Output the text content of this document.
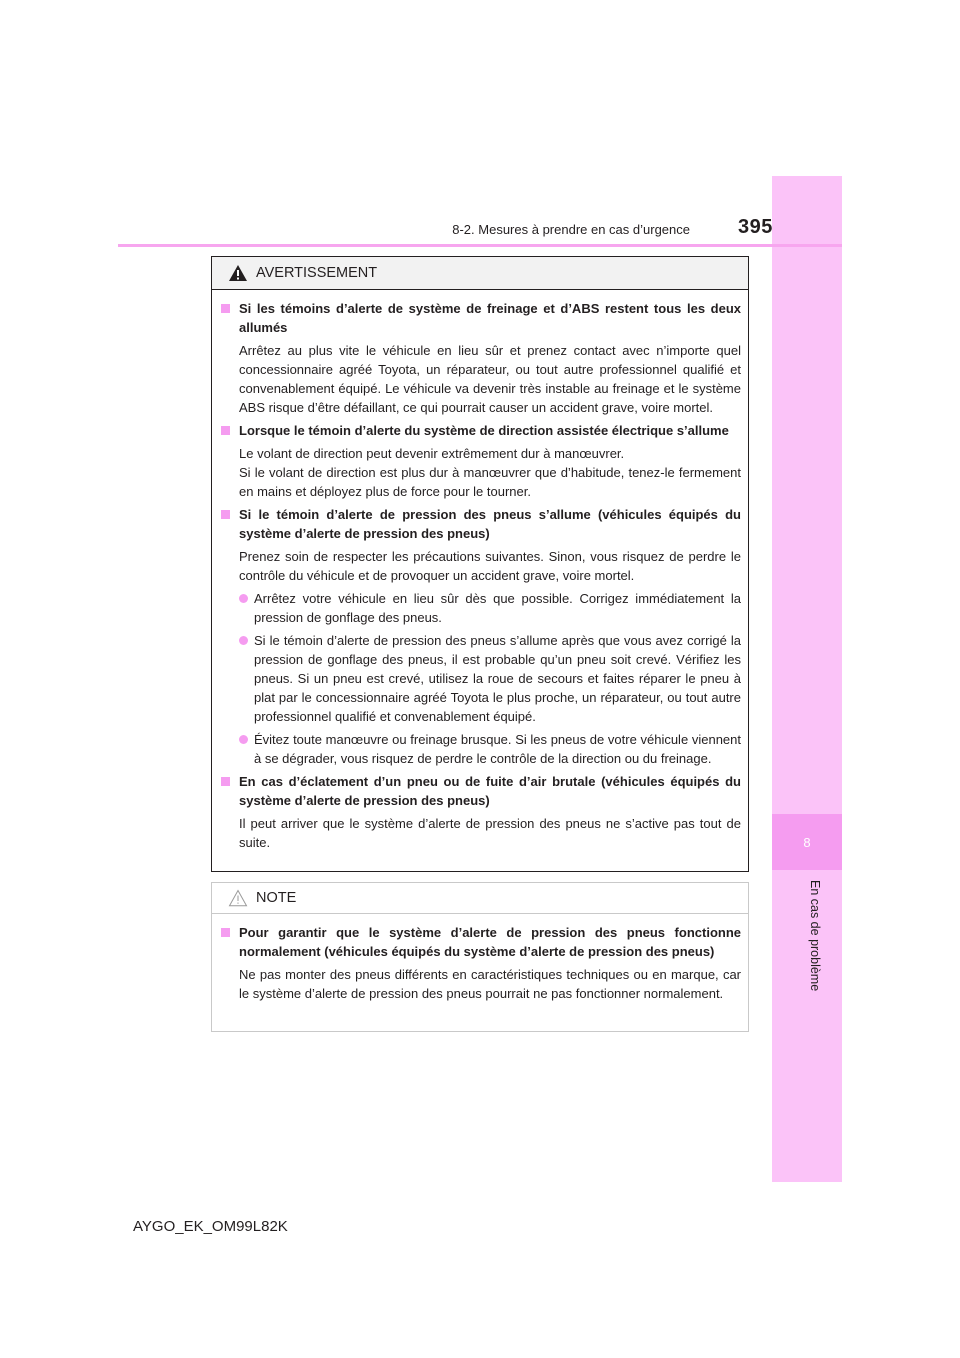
8
En cas de problème
8-2. Mesures à prendre en cas d’urgence 395
AVERTISSEMENT
Si les témoins d’alerte de système de freinage et d’ABS restent tous les deux allumés
Arrêtez au plus vite le véhicule en lieu sûr et prenez contact avec n’importe quel concessionnaire agréé Toyota, un réparateur, ou tout autre professionnel qualifié et convenablement équipé. Le véhicule va devenir très instable au freinage et le système ABS risque d’être défaillant, ce qui pourrait causer un accident grave, voire mortel.
Lorsque le témoin d’alerte du système de direction assistée électrique s’allume
Le volant de direction peut devenir extrêmement dur à manœuvrer.
Si le volant de direction est plus dur à manœuvrer que d’habitude, tenez-le fermement en mains et déployez plus de force pour le tourner.
Si le témoin d’alerte de pression des pneus s’allume (véhicules équipés du système d’alerte de pression des pneus)
Prenez soin de respecter les précautions suivantes. Sinon, vous risquez de perdre le contrôle du véhicule et de provoquer un accident grave, voire mortel.
Arrêtez votre véhicule en lieu sûr dès que possible. Corrigez immédiatement la pression de gonflage des pneus.
Si le témoin d’alerte de pression des pneus s’allume après que vous avez corrigé la pression de gonflage des pneus, il est probable qu’un pneu soit crevé. Vérifiez les pneus. Si un pneu est crevé, utilisez la roue de secours et faites réparer le pneu à plat par le concessionnaire agréé Toyota le plus proche, un réparateur, ou tout autre professionnel qualifié et convenablement équipé.
Évitez toute manœuvre ou freinage brusque. Si les pneus de votre véhicule viennent à se dégrader, vous risquez de perdre le contrôle de la direction ou du freinage.
En cas d’éclatement d’un pneu ou de fuite d’air brutale (véhicules équipés du système d’alerte de pression des pneus)
Il peut arriver que le système d’alerte de pression des pneus ne s’active pas tout de suite.
NOTE
Pour garantir que le système d’alerte de pression des pneus fonctionne normalement (véhicules équipés du système d’alerte de pression des pneus)
Ne pas monter des pneus différents en caractéristiques techniques ou en marque, car le système d’alerte de pression des pneus pourrait ne pas fonctionner normalement.
AYGO_EK_OM99L82K
